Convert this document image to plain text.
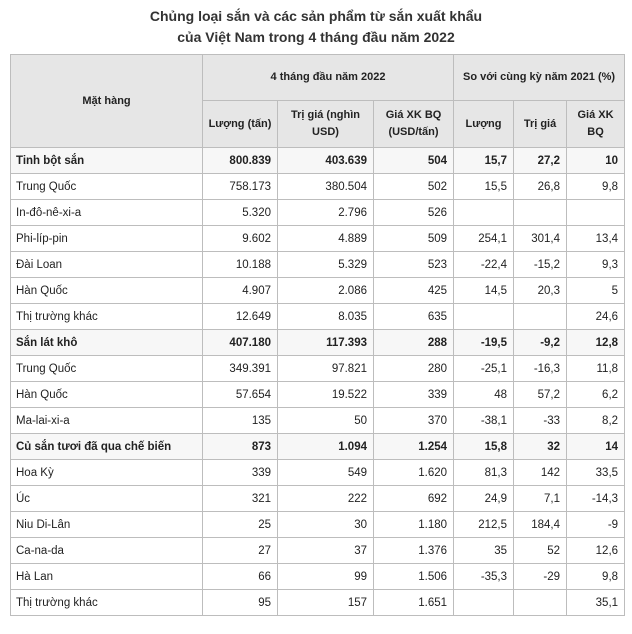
Chủng loại sắn và các sản phẩm từ sắn xuất khẩu
của Việt Nam trong 4 tháng đầu năm 2022
Mặt hàng	4 tháng đầu năm 2022			So với cùng kỳ năm 2021 (%)		
	Lượng (tấn)	Trị giá (nghìn USD)	Giá XK BQ (USD/tấn)	Lượng	Trị giá	Giá XK BQ
Tinh bột sắn	800.839	403.639	504	15,7	27,2	10
Trung Quốc	758.173	380.504	502	15,5	26,8	9,8
In-đô-nê-xi-a	5.320	2.796	526			
Phi-líp-pin	9.602	4.889	509	254,1	301,4	13,4
Đài Loan	10.188	5.329	523	-22,4	-15,2	9,3
Hàn Quốc	4.907	2.086	425	14,5	20,3	5
Thị trường khác	12.649	8.035	635			24,6
Sắn lát khô	407.180	117.393	288	-19,5	-9,2	12,8
Trung Quốc	349.391	97.821	280	-25,1	-16,3	11,8
Hàn Quốc	57.654	19.522	339	48	57,2	6,2
Ma-lai-xi-a	135	50	370	-38,1	-33	8,2
Củ sắn tươi đã qua chế biến	873	1.094	1.254	15,8	32	14
Hoa Kỳ	339	549	1.620	81,3	142	33,5
Úc	321	222	692	24,9	7,1	-14,3
Niu Di-Lân	25	30	1.180	212,5	184,4	-9
Ca-na-da	27	37	1.376	35	52	12,6
Hà Lan	66	99	1.506	-35,3	-29	9,8
Thị trường khác	95	157	1.651			35,1
